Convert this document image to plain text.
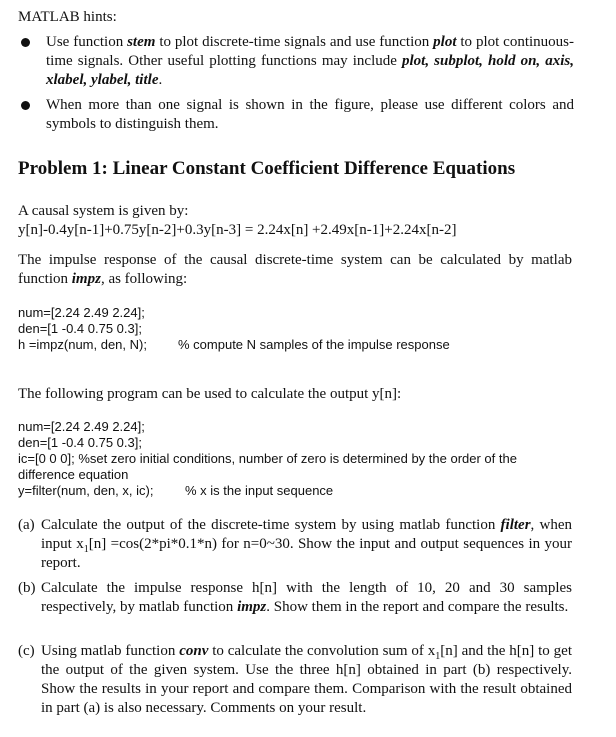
MATLAB hints:
Use function stem to plot discrete-time signals and use function plot to plot continuous-time signals. Other useful plotting functions may include plot, subplot, hold on, axis, xlabel, ylabel, title.
When more than one signal is shown in the figure, please use different colors and symbols to distinguish them.
Problem 1: Linear Constant Coefficient Difference Equations
A causal system is given by:
y[n]-0.4y[n-1]+0.75y[n-2]+0.3y[n-3] = 2.24x[n] +2.49x[n-1]+2.24x[n-2]
The impulse response of the causal discrete-time system can be calculated by matlab function impz, as following:
num=[2.24 2.49 2.24];
den=[1 -0.4 0.75 0.3];
h =impz(num, den, N); % compute N samples of the impulse response
The following program can be used to calculate the output y[n]:
num=[2.24 2.49 2.24];
den=[1 -0.4 0.75 0.3];
ic=[0 0 0]; %set zero initial conditions, number of zero is determined by the order of the
difference equation
y=filter(num, den, x, ic); % x is the input sequence
(a) Calculate the output of the discrete-time system by using matlab function filter, when input $x_1[n] =\cos(2*pi*0.1*n)$ for n=0~30. Show the input and output sequences in your report.
(b) Calculate the impulse response h[n] with the length of 10, 20 and 30 samples respectively, by matlab function impz. Show them in the report and compare the results.
(c) Using matlab function conv to calculate the convolution sum of $x_1[n]$ and the h[n] to get the output of the given system. Use the three h[n] obtained in part (b) respectively. Show the results in your report and compare them. Comparison with the result obtained in part (a) is also necessary. Comments on your result.
